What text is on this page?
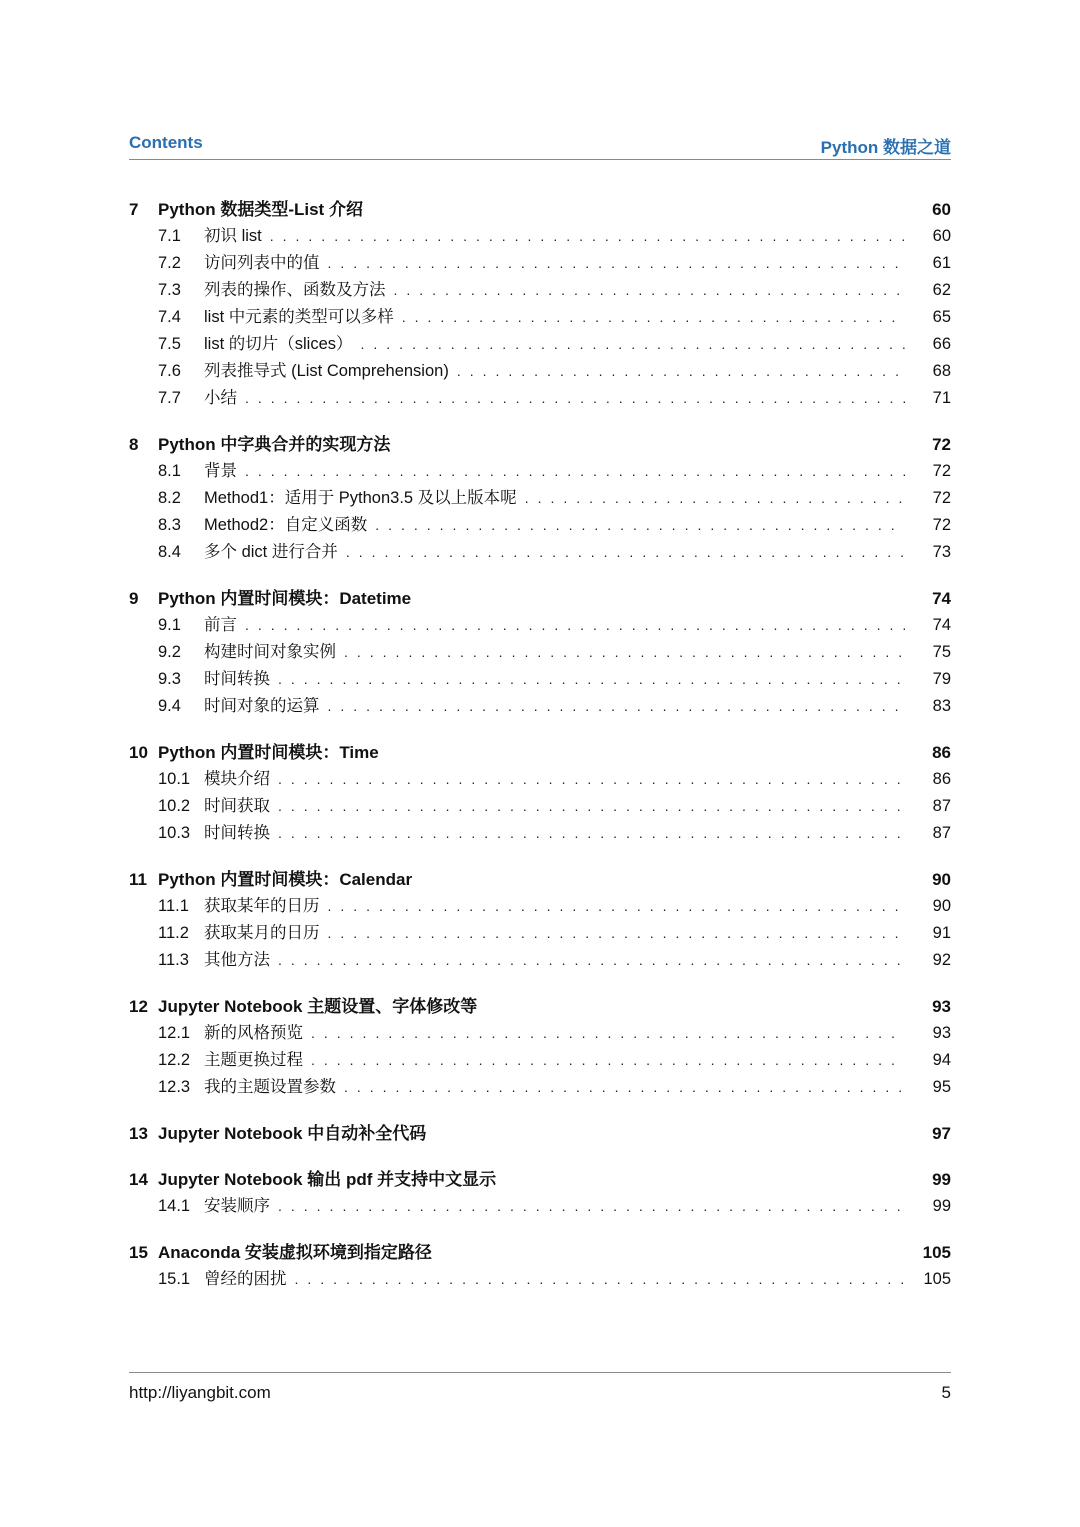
Contents	Python 数据之道
7 Python 数据类型-List 介绍	60
7.1 初识 list .....	60
7.2 访问列表中的值 .....	61
7.3 列表的操作、函数及方法 .....	62
7.4 list 中元素的类型可以多样 .....	65
7.5 list 的切片（slices） .....	66
7.6 列表推导式 (List Comprehension) .....	68
7.7 小结 .....	71
8 Python 中字典合并的实现方法	72
8.1 背景 .....	72
8.2 Method1：适用于 Python3.5 及以上版本呢 .....	72
8.3 Method2：自定义函数 .....	72
8.4 多个 dict 进行合并 .....	73
9 Python 内置时间模块：Datetime	74
9.1 前言 .....	74
9.2 构建时间对象实例 .....	75
9.3 时间转换 .....	79
9.4 时间对象的运算 .....	83
10 Python 内置时间模块：Time	86
10.1 模块介绍 .....	86
10.2 时间获取 .....	87
10.3 时间转换 .....	87
11 Python 内置时间模块：Calendar	90
11.1 获取某年的日历 .....	90
11.2 获取某月的日历 .....	91
11.3 其他方法 .....	92
12 Jupyter Notebook 主题设置、字体修改等	93
12.1 新的风格预览 .....	93
12.2 主题更换过程 .....	94
12.3 我的主题设置参数 .....	95
13 Jupyter Notebook 中自动补全代码	97
14 Jupyter Notebook 输出 pdf 并支持中文显示	99
14.1 安装顺序 .....	99
15 Anaconda 安装虚拟环境到指定路径	105
15.1 曾经的困扰 .....	105
http://liyangbit.com	5
